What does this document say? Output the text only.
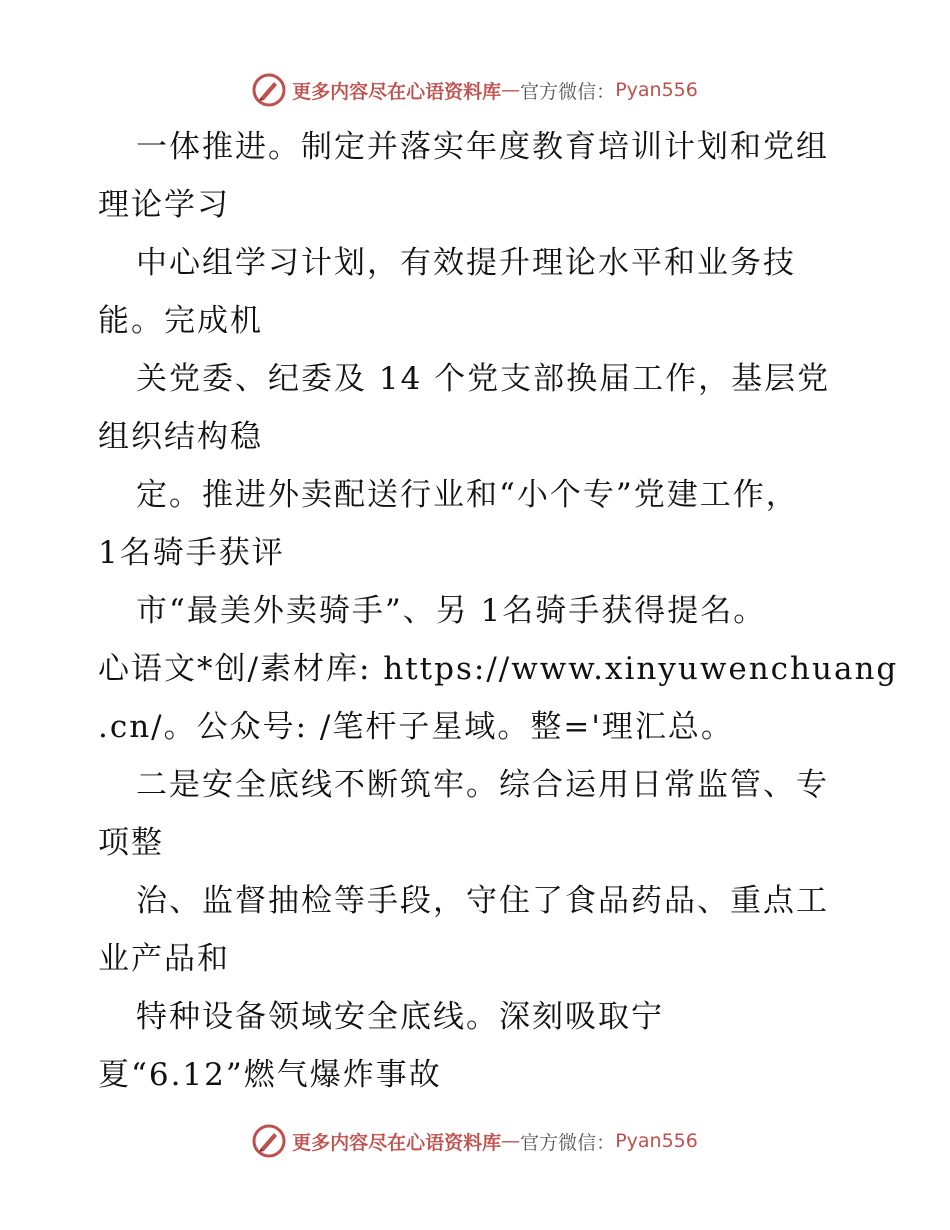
更多内容尽在心语资料库 — 官方微信： Pyan556
一体推进。制定并落实年度教育培训计划和党组
理论学习
中心组学习计划，有效提升理论水平和业务技
能。完成机
关党委、纪委及 14 个党支部换届工作，基层党
组织结构稳
定。推进外卖配送行业和“小个专”党建工作，
1名骑手获评
市“最美外卖骑手”、另 1名骑手获得提名。
心语文*创/素材库: https://www.xinyuwenchuang
.cn/。公众号: /笔杆子星域。整='理汇总。
二是安全底线不断筑牢。综合运用日常监管、专
项整
治、监督抽检等手段，守住了食品药品、重点工
业产品和
特种设备领域安全底线。深刻吸取宁
夏“6.12”燃气爆炸事故
更多内容尽在心语资料库 — 官方微信： Pyan556
